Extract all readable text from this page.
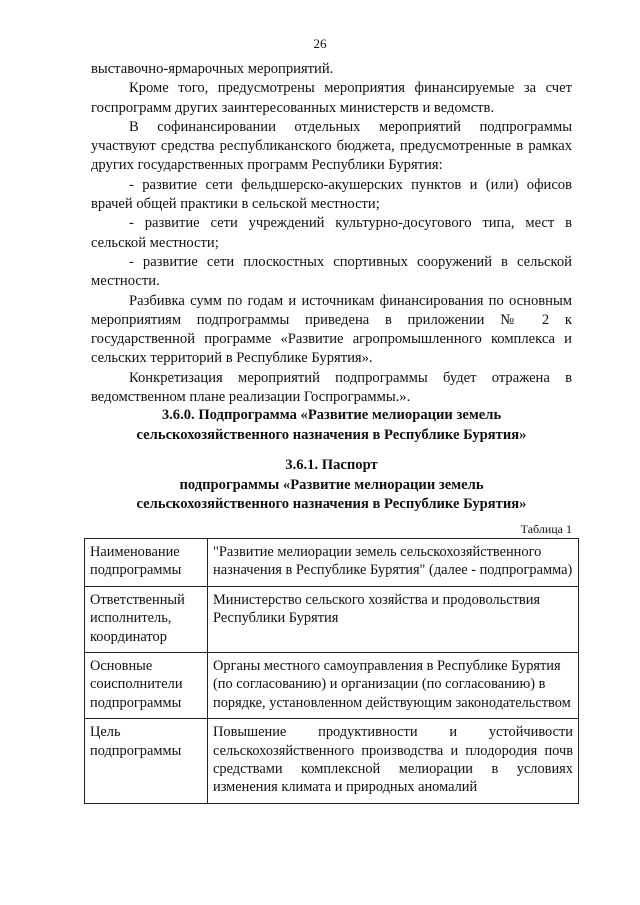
26

выставочно-ярмарочных мероприятий.

Кроме того, предусмотрены мероприятия финансируемые за счет госпрограмм других заинтересованных министерств и ведомств.

В софинансировании отдельных мероприятий подпрограммы участвуют средства республиканского бюджета, предусмотренные в рамках других государственных программ Республики Бурятия:

- развитие сети фельдшерско-акушерских пунктов и (или) офисов врачей общей практики в сельской местности;

- развитие сети учреждений культурно-досугового типа, мест в сельской местности;

- развитие сети плоскостных спортивных сооружений в сельской местности.

Разбивка сумм по годам и источникам финансирования по основным мероприятиям подпрограммы приведена в приложении № 2 к государственной программе «Развитие агропромышленного комплекса и сельских территорий в Республике Бурятия».

Конкретизация мероприятий подпрограммы будет отражена в ведомственном плане реализации Госпрограммы.».

3.6.0. Подпрограмма «Развитие мелиорации земель
сельскохозяйственного назначения в Республике Бурятия»
3.6.1. Паспорт
подпрограммы «Развитие мелиорации земель
сельскохозяйственного назначения в Республике Бурятия»
Таблица 1
Наименование подпрограммы	"Развитие мелиорации земель сельскохозяйственного назначения в Республике Бурятия" (далее - подпрограмма)
Ответственный исполнитель, координатор	Министерство сельского хозяйства и продовольствия Республики Бурятия
Основные соисполнители подпрограммы	Органы местного самоуправления в Республике Бурятия (по согласованию) и организации (по согласованию) в порядке, установленном действующим законодательством
Цель подпрограммы	Повышение продуктивности и устойчивости сельскохозяйственного производства и плодородия почв средствами комплексной мелиорации в условиях изменения климата и природных аномалий
